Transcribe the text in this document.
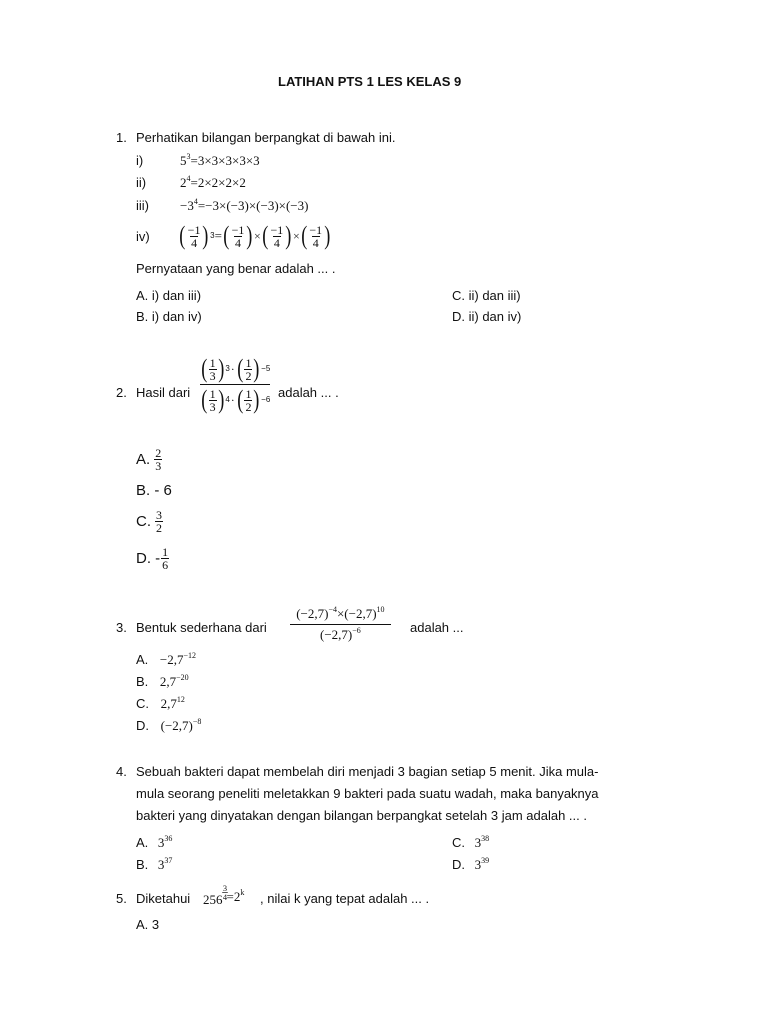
LATIHAN PTS 1 LES KELAS 9
1. Perhatikan bilangan berpangkat di bawah ini.
i)	$5^3=3\times 3\times 3\times 3\times 3$
ii)	$2^4=2\times 2\times 2\times 2$
$iii) -3^4=-3\times(-3)\times(-3)\times(-3)$
iv) ( $\frac{-1}{4}$ ) 3 = ( $\frac{-1}{4}$ ) × ( $\frac{-1}{4}$ ) × ( $\frac{-1}{4}$ )
Pernyataan yang benar adalah ... .
A. i) dan iii)
B. i) dan iv)
C. ii) dan iii)
D. ii) dan iv)
2. Hasil dari $\frac{( \frac{1}{3} ) 3 \cdot ( \frac{1}{2} ) -5}{( \frac{1}{3} ) 4 \cdot ( \frac{1}{2} ) -6}$ adalah ... .
A. $\frac{2}{3}$
B. - 6
C. $\frac{3}{2}$
D. - $\frac{1}{6}$
3. Bentuk sederhana dari $\frac{(-2,7)^{-4}\times(-2,7)^{10}}{(-2,7)^{-6}}$ adalah ...
A. $-2,7^{-12}$
B. $2,7^{-20}$
C. $2,7^{12}$
D. $(-2,7)^{-8}$
4. Sebuah bakteri dapat membelah diri menjadi 3 bagian setiap 5 menit. Jika mula-
mula seorang peneliti meletakkan 9 bakteri pada suatu wadah, maka banyaknya
bakteri yang dinyatakan dengan bilangan berpangkat setelah 3 jam adalah ... .
A. $3^{36}$
B. $3^{37}$
C. $3^{38}$
D. $3^{39}$
5. Diketahui $256 \frac{3}{4} =2^k$ , nilai k yang tepat adalah ... .
A. 3
